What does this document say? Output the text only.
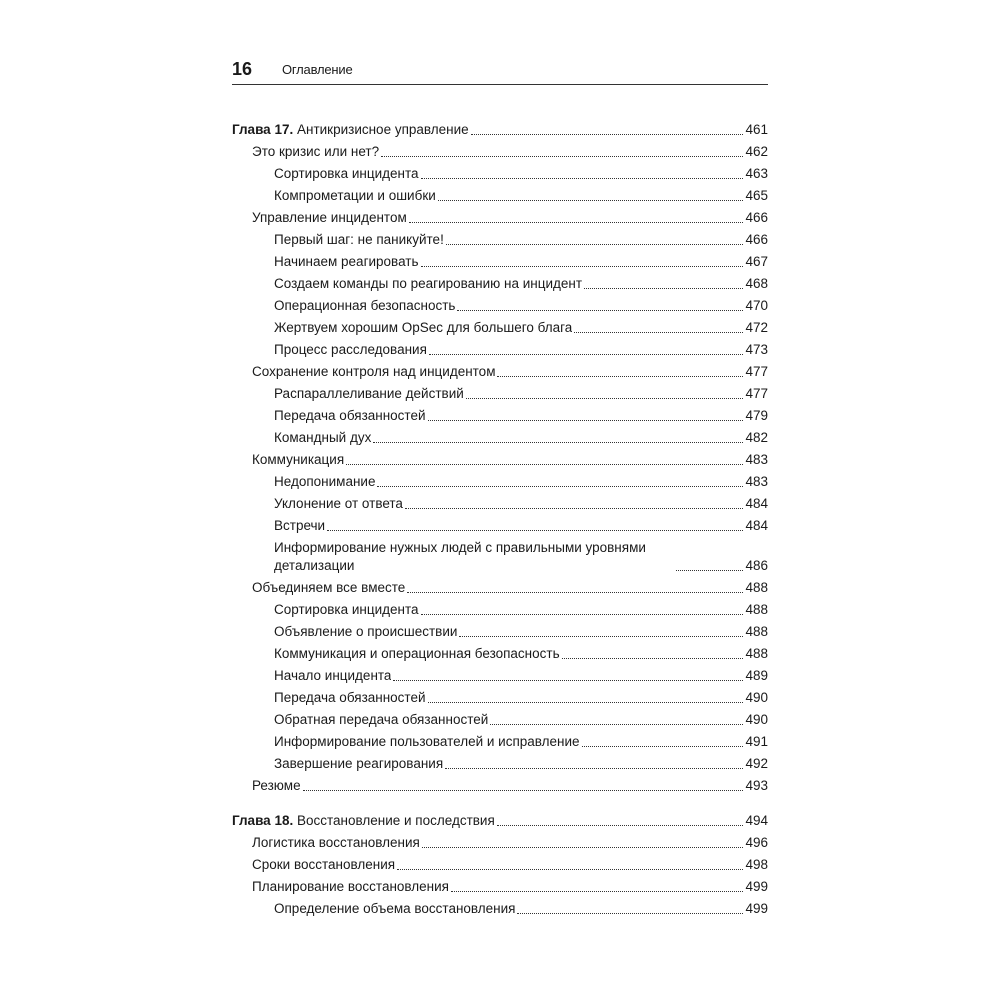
16 Оглавление
Глава 17. Антикризисное управление	461
Это кризис или нет?	462
Сортировка инцидента	463
Компрометации и ошибки	465
Управление инцидентом	466
Первый шаг: не паникуйте!	466
Начинаем реагировать	467
Создаем команды по реагированию на инцидент	468
Операционная безопасность	470
Жертвуем хорошим OpSec для большего блага	472
Процесс расследования	473
Сохранение контроля над инцидентом	477
Распараллеливание действий	477
Передача обязанностей	479
Командный дух	482
Коммуникация	483
Недопонимание	483
Уклонение от ответа	484
Встречи	484
Информирование нужных людей с правильными уровнями детализации	486
Объединяем все вместе	488
Сортировка инцидента	488
Объявление о происшествии	488
Коммуникация и операционная безопасность	488
Начало инцидента	489
Передача обязанностей	490
Обратная передача обязанностей	490
Информирование пользователей и исправление	491
Завершение реагирования	492
Резюме	493
Глава 18. Восстановление и последствия	494
Логистика восстановления	496
Сроки восстановления	498
Планирование восстановления	499
Определение объема восстановления	499
